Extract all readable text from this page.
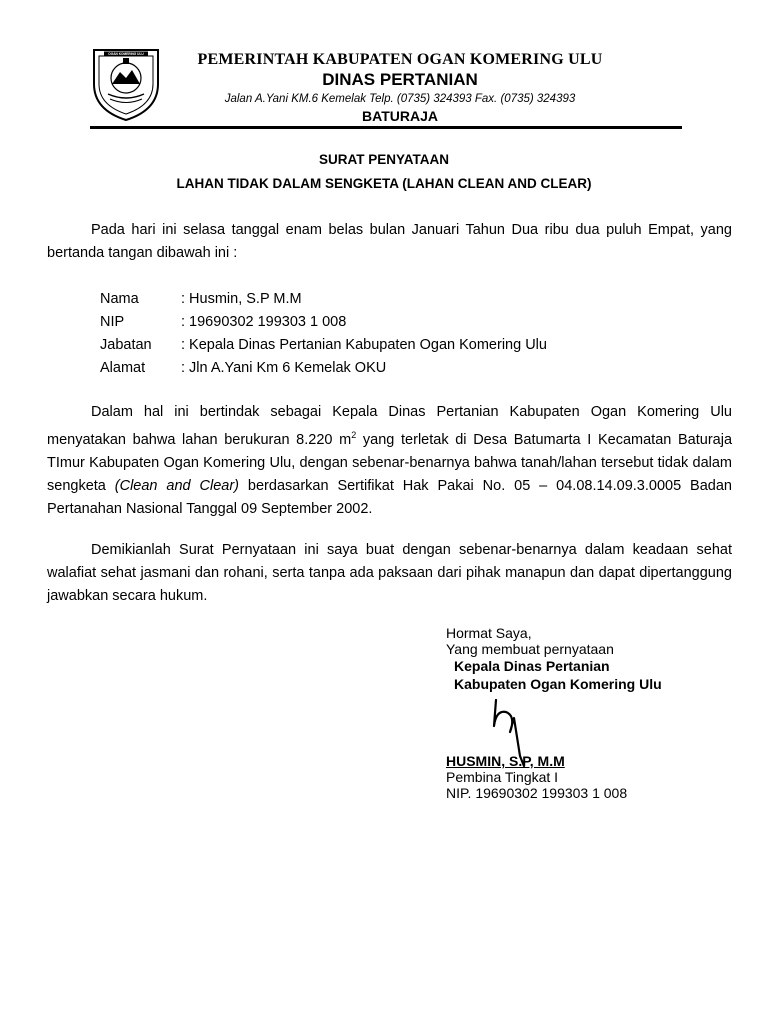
OGAN KOMERING ULU	PEMERINTAH KABUPATEN OGAN KOMERING ULU
DINAS PERTANIAN
Jalan A.Yani KM.6 Kemelak Telp. (0735) 324393 Fax. (0735) 324393
BATURAJA
SURAT PENYATAAN
LAHAN TIDAK DALAM SENGKETA (LAHAN CLEAN AND CLEAR)
Pada hari ini selasa tanggal enam belas bulan Januari Tahun Dua ribu dua puluh Empat, yang bertanda tangan dibawah ini :
Nama	: Husmin, S.P M.M
NIP	: 19690302 199303 1 008
Jabatan	: Kepala Dinas Pertanian Kabupaten Ogan Komering Ulu
Alamat	: Jln A.Yani Km 6 Kemelak OKU
Dalam hal ini bertindak sebagai Kepala Dinas Pertanian Kabupaten Ogan Komering Ulu menyatakan bahwa lahan berukuran 8.220 $m^2$ yang terletak di Desa Batumarta I Kecamatan Baturaja TImur Kabupaten Ogan Komering Ulu, dengan sebenar-benarnya bahwa tanah/lahan tersebut tidak dalam sengketa (Clean and Clear) berdasarkan Sertifikat Hak Pakai No. 05 – 04.08.14.09.3.0005 Badan Pertanahan Nasional Tanggal 09 September 2002.
Demikianlah Surat Pernyataan ini saya buat dengan sebenar-benarnya dalam keadaan sehat walafiat sehat jasmani dan rohani, serta tanpa ada paksaan dari pihak manapun dan dapat dipertanggung jawabkan secara hukum.
Hormat Saya,
Yang membuat pernyataan
Kepala Dinas Pertanian
Kabupaten Ogan Komering Ulu
HUSMIN, S.P, M.M
Pembina Tingkat I
NIP. 19690302 199303 1 008
